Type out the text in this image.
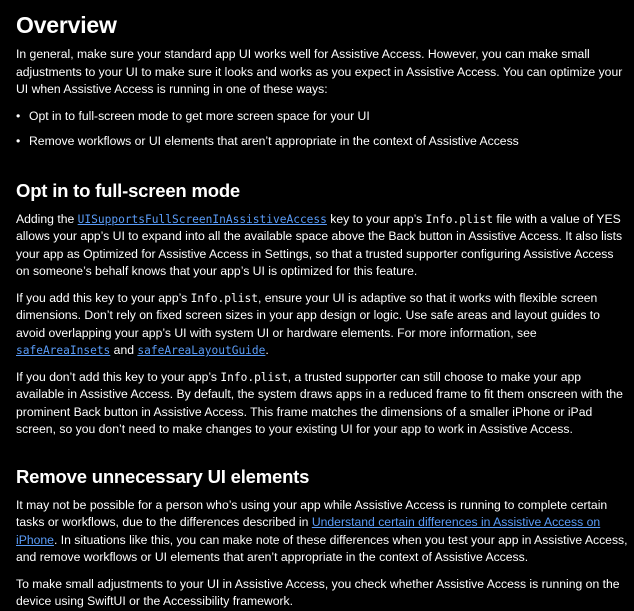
Overview

In general, make sure your standard app UI works well for Assistive Access. However, you can make small adjustments to your UI to make sure it looks and works as you expect in Assistive Access. You can optimize your UI when Assistive Access is running in one of these ways:

• Opt in to full-screen mode to get more screen space for your UI
• Remove workflows or UI elements that aren’t appropriate in the context of Assistive Access
Opt in to full-screen mode

Adding the UISupportsFullScreenInAssistiveAccess key to your app’s Info.plist file with a value of YES allows your app’s UI to expand into all the available space above the Back button in Assistive Access. It also lists your app as Optimized for Assistive Access in Settings, so that a trusted supporter configuring Assistive Access on someone’s behalf knows that your app’s UI is optimized for this feature.

If you add this key to your app’s Info.plist, ensure your UI is adaptive so that it works with flexible screen dimensions. Don’t rely on fixed screen sizes in your app design or logic. Use safe areas and layout guides to avoid overlapping your app’s UI with system UI or hardware elements. For more information, see safeAreaInsets and safeAreaLayoutGuide.

If you don’t add this key to your app’s Info.plist, a trusted supporter can still choose to make your app available in Assistive Access. By default, the system draws apps in a reduced frame to fit them onscreen with the prominent Back button in Assistive Access. This frame matches the dimensions of a smaller iPhone or iPad screen, so you don’t need to make changes to your existing UI for your app to work in Assistive Access.

Remove unnecessary UI elements

It may not be possible for a person who’s using your app while Assistive Access is running to complete certain tasks or workflows, due to the differences described in Understand certain differences in Assistive Access on iPhone. In situations like this, you can make note of these differences when you test your app in Assistive Access, and remove workflows or UI elements that aren’t appropriate in the context of Assistive Access.

To make small adjustments to your UI in Assistive Access, you check whether Assistive Access is running on the device using SwiftUI or the Accessibility framework.
